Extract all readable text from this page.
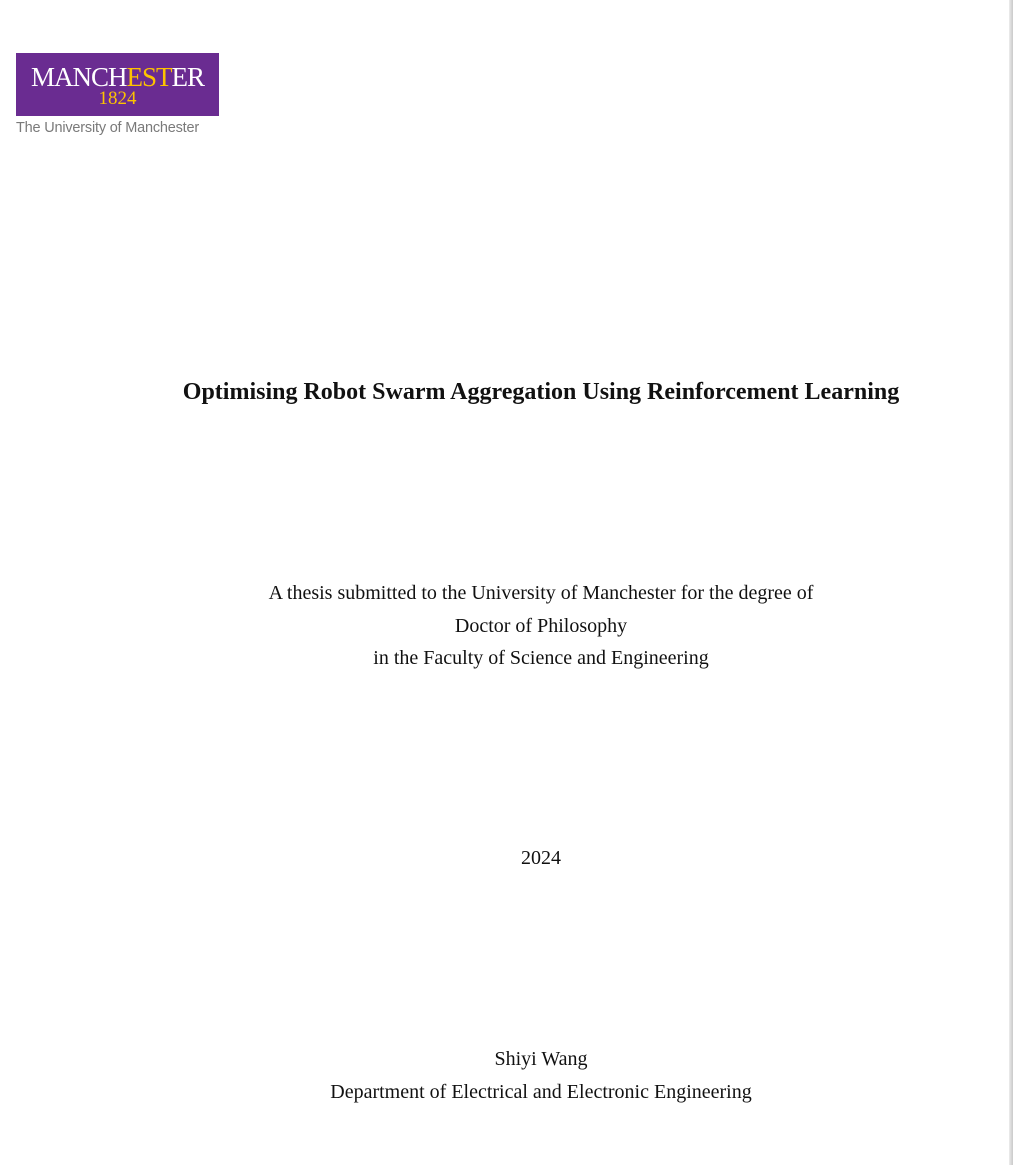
MANCHESTER
1824
The University of Manchester
Optimising Robot Swarm Aggregation Using Reinforcement Learning
A thesis submitted to the University of Manchester for the degree of
Doctor of Philosophy
in the Faculty of Science and Engineering
2024
Shiyi Wang
Department of Electrical and Electronic Engineering
